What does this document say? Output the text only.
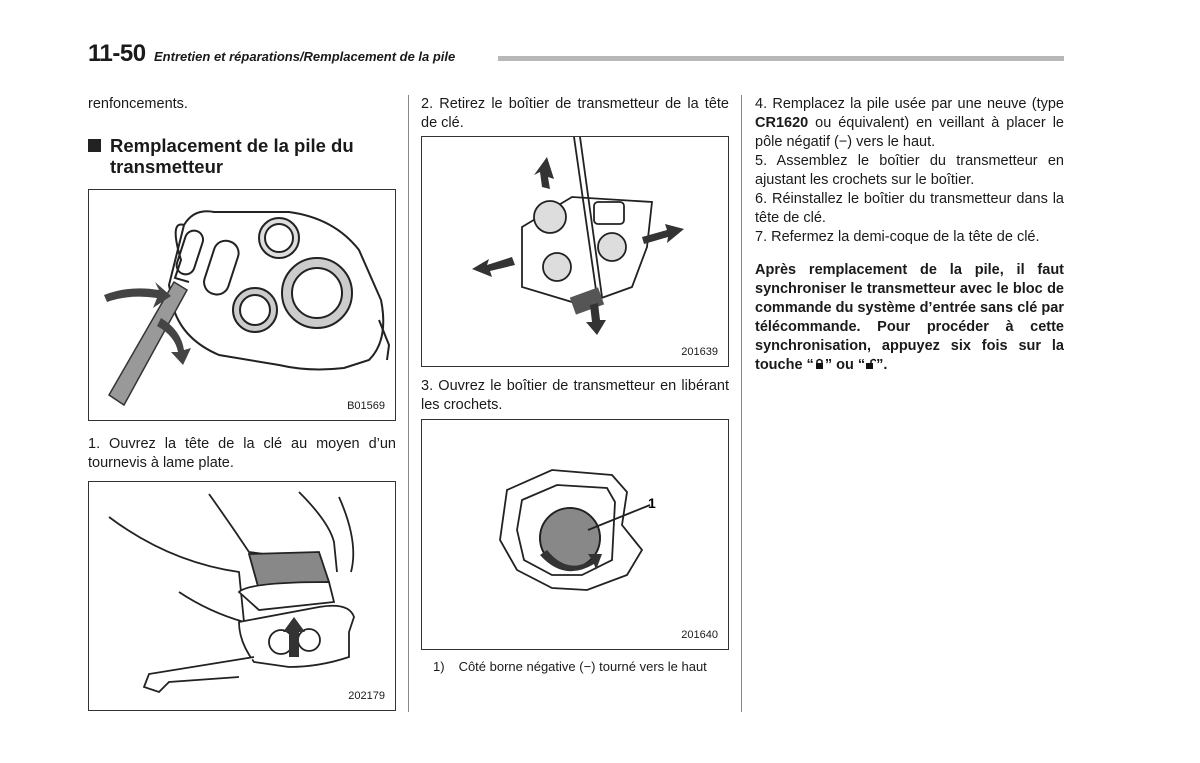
11-50 Entretien et réparations/Remplacement de la pile

renfoncements.

Remplacement de la pile du
transmetteur
B01569

1. Ouvrez la tête de la clé au moyen d’un tournevis à lame plate.

202179

2. Retirez le boîtier de transmetteur de la tête de clé.

201639

3. Ouvrez le boîtier de transmetteur en libérant les crochets.

1
201640
1) Côté borne négative (−) tourné vers le haut

4. Remplacez la pile usée par une neuve (type CR1620 ou équivalent) en veillant à placer le pôle négatif (−) vers le haut.

5. Assemblez le boîtier du transmetteur en ajustant les crochets sur le boîtier.

6. Réinstallez le boîtier du transmetteur dans la tête de clé.

7. Refermez la demi-coque de la tête de clé.

Après remplacement de la pile, il faut synchroniser le transmetteur avec le bloc de commande du système d’entrée sans clé par télécommande. Pour procéder à cette synchronisation, appuyez six fois sur la touche “ ” ou “ ”.
